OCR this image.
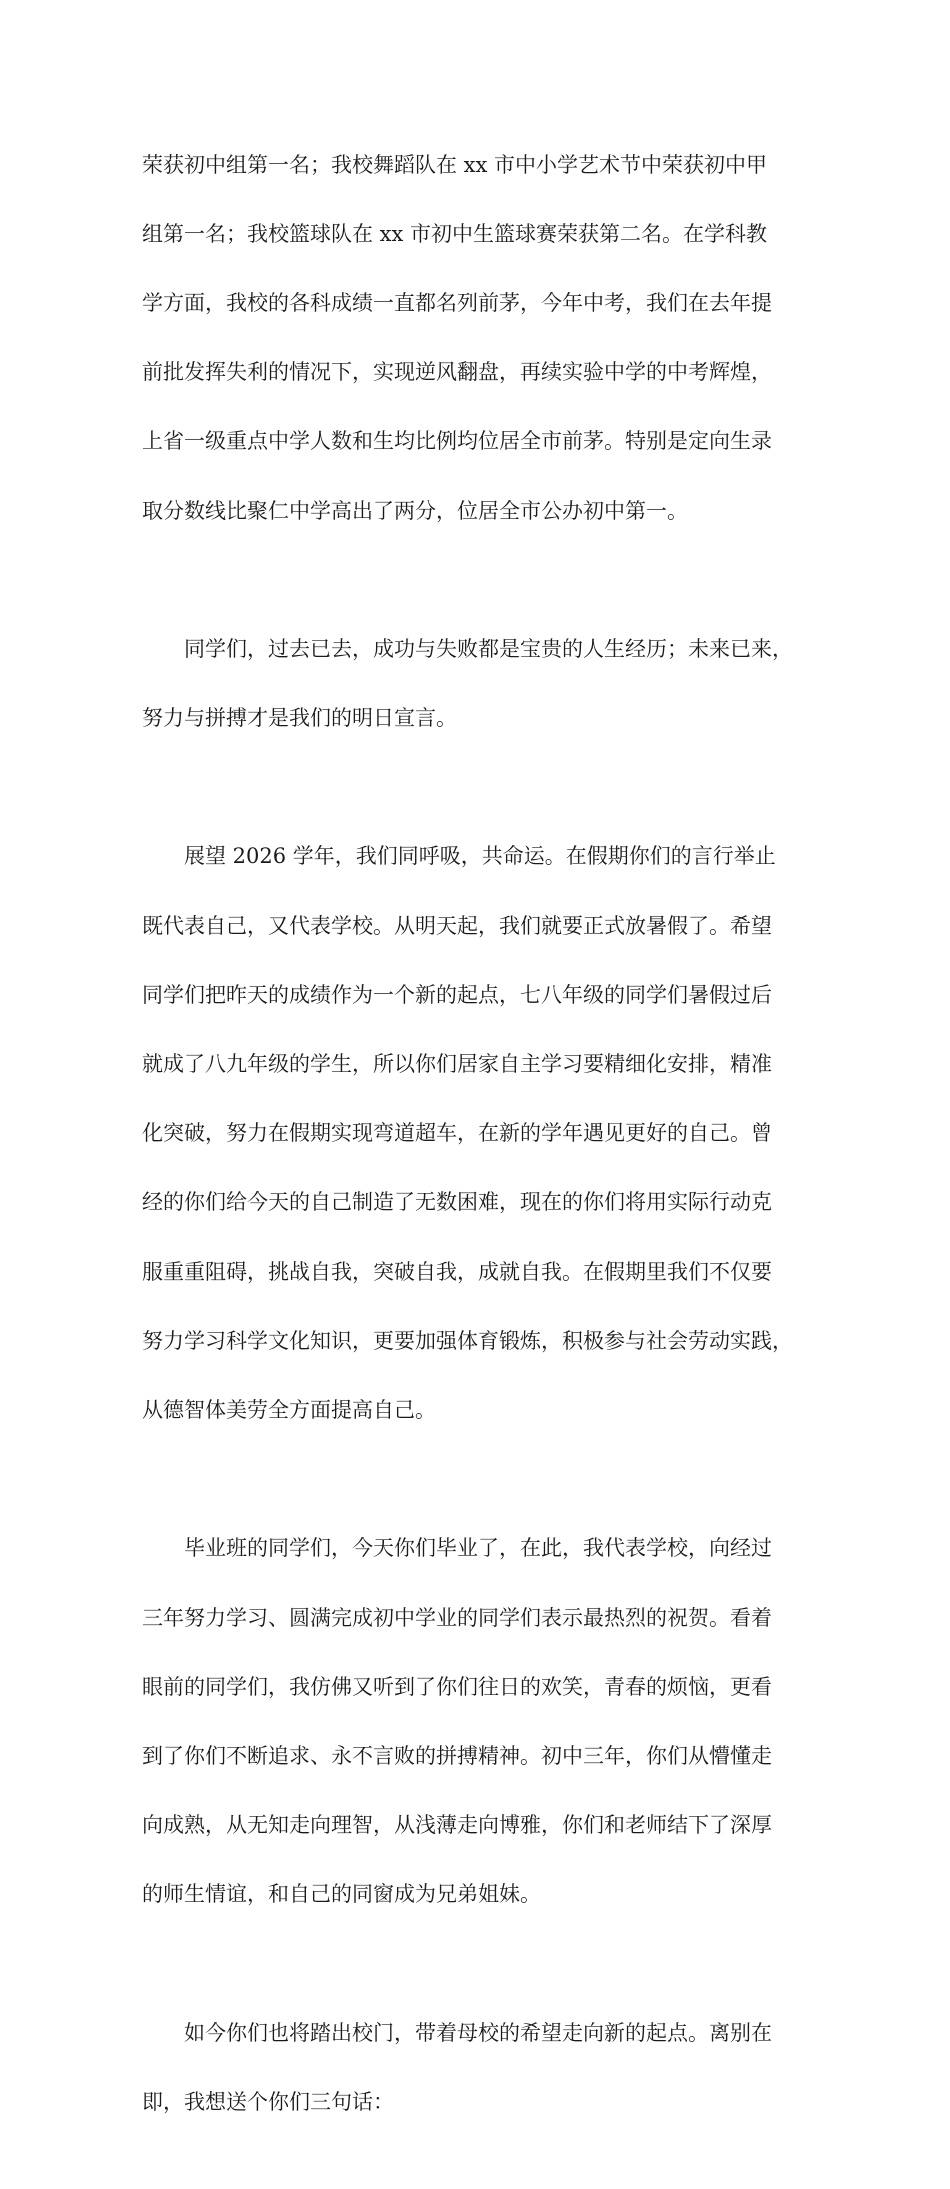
荣获初中组第一名；我校舞蹈队在 xx 市中小学艺术节中荣获初中甲

组第一名；我校篮球队在 xx 市初中生篮球赛荣获第二名。在学科教

学方面，我校的各科成绩一直都名列前茅，今年中考，我们在去年提

前批发挥失利的情况下，实现逆风翻盘，再续实验中学的中考辉煌，

上省一级重点中学人数和生均比例均位居全市前茅。特别是定向生录

取分数线比聚仁中学高出了两分，位居全市公办初中第一。

　　同学们，过去已去，成功与失败都是宝贵的人生经历；未来已来，

努力与拼搏才是我们的明日宣言。

　　展望 2026 学年，我们同呼吸，共命运。在假期你们的言行举止

既代表自己，又代表学校。从明天起，我们就要正式放暑假了。希望

同学们把昨天的成绩作为一个新的起点，七八年级的同学们暑假过后

就成了八九年级的学生，所以你们居家自主学习要精细化安排，精准

化突破，努力在假期实现弯道超车，在新的学年遇见更好的自己。曾

经的你们给今天的自己制造了无数困难，现在的你们将用实际行动克

服重重阻碍，挑战自我，突破自我，成就自我。在假期里我们不仅要

努力学习科学文化知识，更要加强体育锻炼，积极参与社会劳动实践，

从德智体美劳全方面提高自己。

　　毕业班的同学们，今天你们毕业了，在此，我代表学校，向经过

三年努力学习、圆满完成初中学业的同学们表示最热烈的祝贺。看着

眼前的同学们，我仿佛又听到了你们往日的欢笑，青春的烦恼，更看

到了你们不断追求、永不言败的拼搏精神。初中三年，你们从懵懂走

向成熟，从无知走向理智，从浅薄走向博雅，你们和老师结下了深厚

的师生情谊，和自己的同窗成为兄弟姐妹。

　　如今你们也将踏出校门，带着母校的希望走向新的起点。离别在

即，我想送个你们三句话：
